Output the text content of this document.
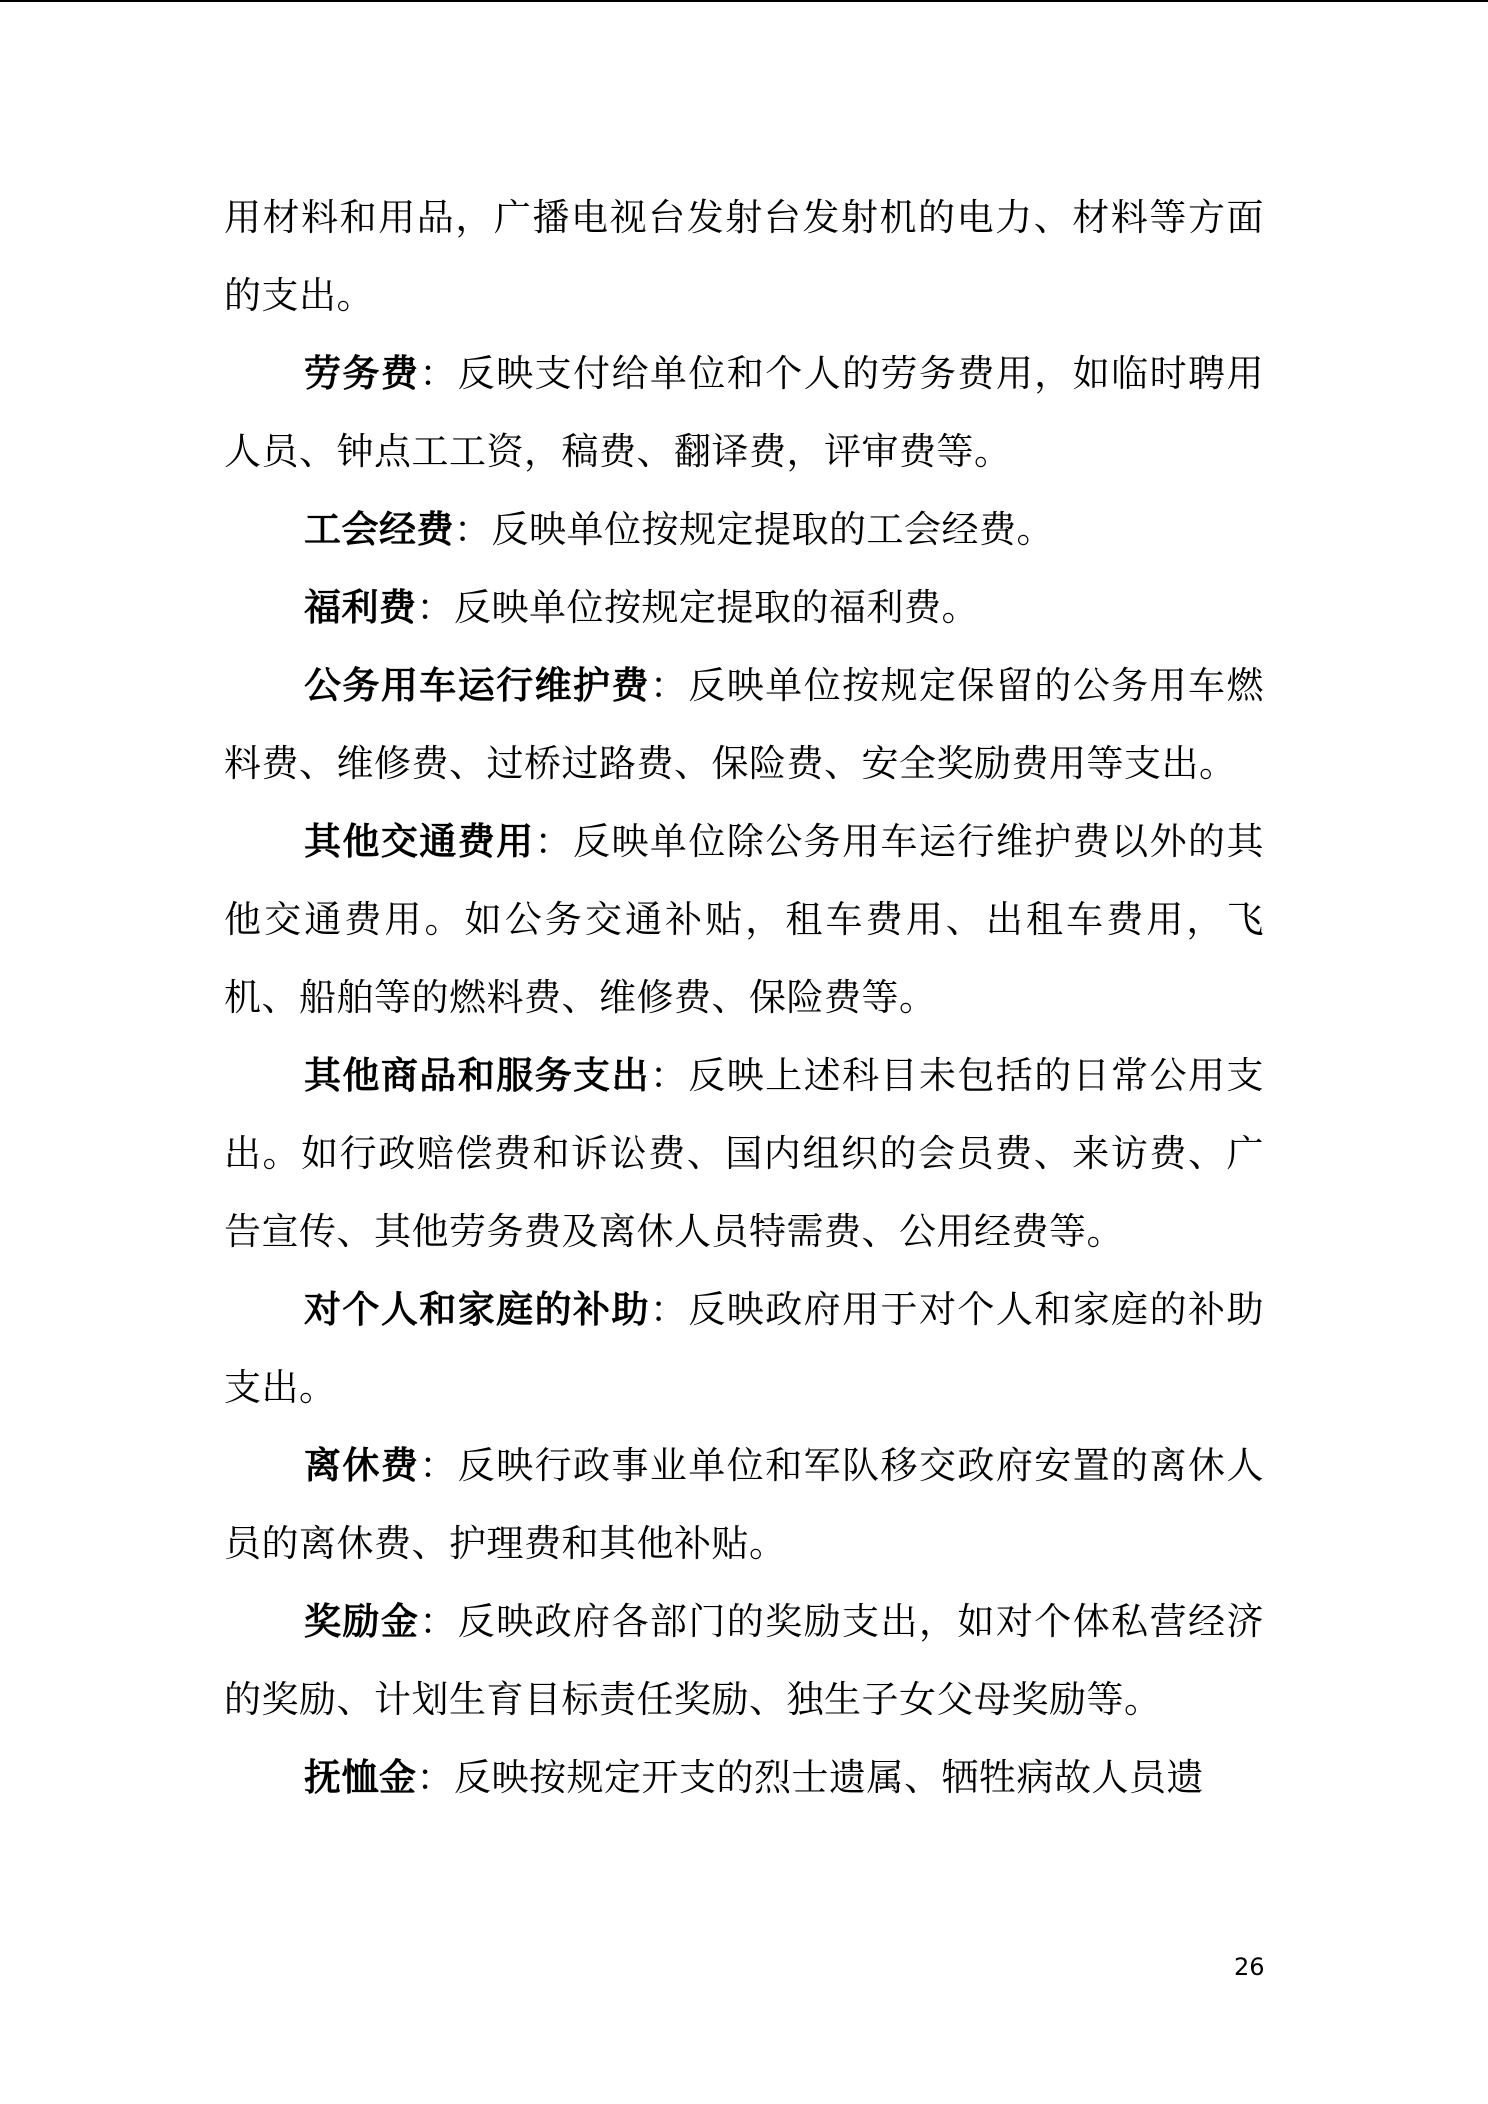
用材料和用品，广播电视台发射台发射机的电力、材料等方面的支出。

劳务费：反映支付给单位和个人的劳务费用，如临时聘用人员、钟点工工资，稿费、翻译费，评审费等。

工会经费：反映单位按规定提取的工会经费。

福利费：反映单位按规定提取的福利费。

公务用车运行维护费：反映单位按规定保留的公务用车燃料费、维修费、过桥过路费、保险费、安全奖励费用等支出。

其他交通费用：反映单位除公务用车运行维护费以外的其他交通费用。如公务交通补贴，租车费用、出租车费用，飞机、船舶等的燃料费、维修费、保险费等。

其他商品和服务支出：反映上述科目未包括的日常公用支出。如行政赔偿费和诉讼费、国内组织的会员费、来访费、广告宣传、其他劳务费及离休人员特需费、公用经费等。

对个人和家庭的补助：反映政府用于对个人和家庭的补助支出。

离休费：反映行政事业单位和军队移交政府安置的离休人员的离休费、护理费和其他补贴。

奖励金：反映政府各部门的奖励支出，如对个体私营经济的奖励、计划生育目标责任奖励、独生子女父母奖励等。

抚恤金：反映按规定开支的烈士遗属、牺牲病故人员遗

26
